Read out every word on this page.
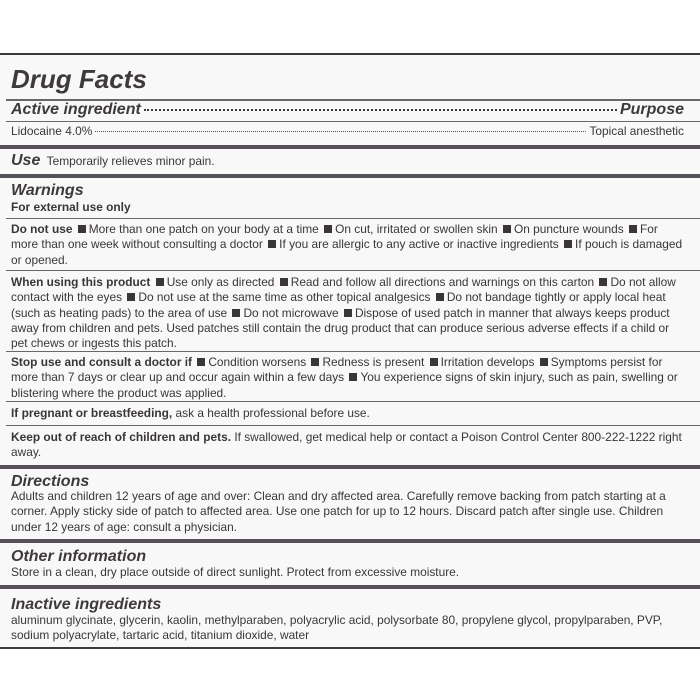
Drug Facts
Active ingredient	Purpose
Lidocaine 4.0%	Topical anesthetic
Use Temporarily relieves minor pain.
Warnings
For external use only
Do not use More than one patch on your body at a time On cut, irritated or swollen skin On puncture wounds For more than one week without consulting a doctor If you are allergic to any active or inactive ingredients If pouch is damaged or opened.
When using this product Use only as directed Read and follow all directions and warnings on this carton Do not allow contact with the eyes Do not use at the same time as other topical analgesics Do not bandage tightly or apply local heat (such as heating pads) to the area of use Do not microwave Dispose of used patch in manner that always keeps product away from children and pets. Used patches still contain the drug product that can produce serious adverse effects if a child or pet chews or ingests this patch.
Stop use and consult a doctor if Condition worsens Redness is present Irritation develops Symptoms persist for more than 7 days or clear up and occur again within a few days You experience signs of skin injury, such as pain, swelling or blistering where the product was applied.
If pregnant or breastfeeding, ask a health professional before use.
Keep out of reach of children and pets. If swallowed, get medical help or contact a Poison Control Center 800-222-1222 right away.
Directions
Adults and children 12 years of age and over: Clean and dry affected area. Carefully remove backing from patch starting at a corner. Apply sticky side of patch to affected area. Use one patch for up to 12 hours. Discard patch after single use. Children under 12 years of age: consult a physician.
Other information
Store in a clean, dry place outside of direct sunlight. Protect from excessive moisture.
Inactive ingredients
aluminum glycinate, glycerin, kaolin, methylparaben, polyacrylic acid, polysorbate 80, propylene glycol, propylparaben, PVP, sodium polyacrylate, tartaric acid, titanium dioxide, water
